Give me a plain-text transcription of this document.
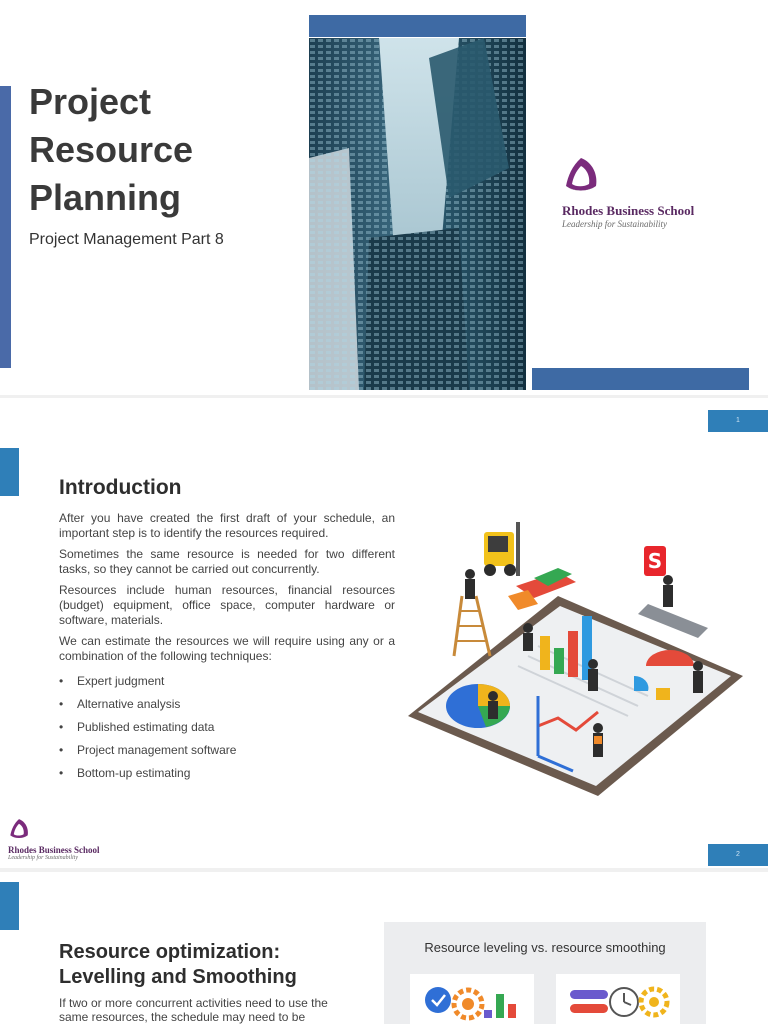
Project
Resource
Planning
Project Management Part 8
Rhodes Business School
Leadership for Sustainability
1
Introduction

After you have created the first draft of your schedule, an important step is to identify the resources required.

Sometimes the same resource is needed for two different tasks, so they cannot be carried out concurrently.

Resources include human resources, financial resources (budget) equipment, office space, computer hardware or software, materials.

We can estimate the resources we will require using any or a combination of the following techniques:

• Expert judgment
• Alternative analysis
• Published estimating data
• Project management software
• Bottom-up estimating
S
Rhodes Business School
Leadership for Sustainability	2
Resource optimization:
Levelling and Smoothing
If two or more concurrent activities need to use the same resources, the schedule may need to be
Resource leveling vs. resource smoothing
